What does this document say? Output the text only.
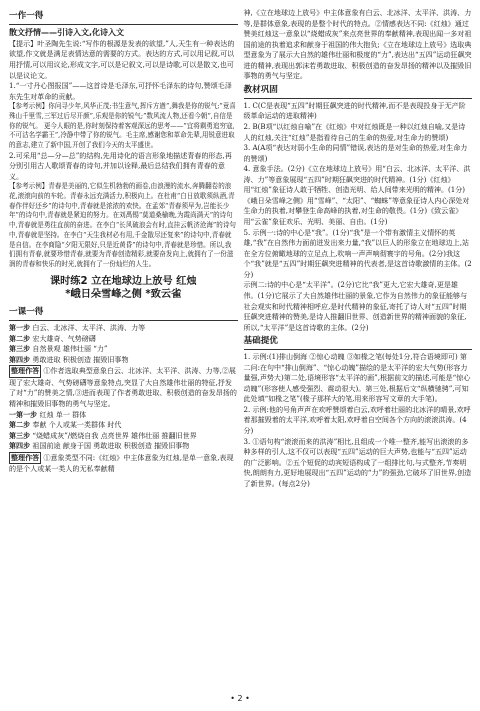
一作一得
散文抒情——引诗入文,化诗入文

【提示】叶圣陶先生说:“写作的根源是发表的欲望,”人,天生有一种表达的欲望,作文就是满足表情达意的需要的方式。表达的方式,可以用记叙,可以用抒情,可以用议论,形成文字,可以是记叙文,可以是诗歌,可以是散文,也可以是议论文。

1.“一寸丹心图报国”——这首诗是毛泽东,可抒怀毛泽东的诗句,赞颂毛泽东先生对革命的贡献。

【参考示例】你问寻少年,风华正茂;书生意气,挥斥方遒”,舞我是你的锐气;”竟喜殊山千里雪,三军过后尽开颜”,乐观是你的锐气;”数风流人物,还看今朝”,自信是你的锐气。 更今人眼的是,你时刻保持着客观深远的思考——”宜将剩勇追穷寇,不可沽名学霸王”,冷静中带了你的锐气。毛主席,感谢您和革命先辈,用锐意进取的意志,建立了新中国,开创了我们今天的太平盛世。

2.可采用“总—分—总”的结构,先用诗化的语言形象地描述青春的形态,再分别引用古人歌颂青春的诗句,并加以诠释,最后总结我们拥有青春的意义。

【参考示例】青春是美丽的,它似生机勃勃的画卷,由浪漫的流水,奔腾翻卷的浪花,滚滚向前的车轮。青春永远充满活力,积极向上。在杜甫“白日放歌须纵酒,青春作伴好还乡”的诗句中,青春就是浓浓的欢快。在孟郊“青春须早为,岂能长少年”的诗句中,青春就是紧迫的努力。在刘禹锡“莫道桑榆晚,为霞尚满天”的诗句中,青春就是勇往直前的奋进。在李白“长风破浪会有时,直挂云帆济沧海”的诗句中,青春就是坚持。在李白“天生我材必有用,千金散尽还复来”的诗句中,青春就是自信。在李商隐“夕阳无限好,只是近黄昏”的诗句中,青春就是珍惜。所以,我们拥有青春,就要珍惜青春,就要为青春创造精彩,就要奋发向上,就拥有了一份滋润的青春和快乐的时光,就拥有了一份灿烂的人生。

课时练2 立在地球边上放号 红烛
*峨日朵雪峰之侧 *致云雀
一课一得

第一步 白云、北冰洋、太平洋、洪涛、力等

第二步 宏大雄奇、气势磅礴

第三步 自然景观 雄伟壮丽 “力”

第四步 勇敢进取 积极创造 摧毁旧事物

整理作答 ①作者选取典型意象白云、北冰洋、太平洋、洪涛、力等,②展现了宏大雄奇、气势磅礴等意象特点,突显了大自然雄伟壮丽的特征,抒发了对“力”的赞美之情,③进而表现了作者勇敢进取、积极创造的奋发昂扬的精神和摧毁旧事物的勇气与坚定。

一第一步 红烛 单一 群体

第二步 奉献 个人或某一类群体 时代

第三步 “烧蜡成灰”/燃烧自我 点亮世界 雄伟壮丽 推翻旧世界

第四步 祖国前途 献身于国 勇敢进取 积极创造 摧毁旧事物

整理作答 ①意象类型不同:《红烛》中主体意象为红烛,是单一意象,表现的是个人或某一类人的无私奉献精

神,《立在地球边上放号》中主体意象有白云、北冰洋、太平洋、洪涛、力等,是群体意象,表现的是整个时代的特点。②情感表达不同:《红烛》通过赞美红烛这一意象以“烧蜡成灰”来点亮世界的奉献精神,表现出闻一多对祖国前途的执着追求和献身于祖国的伟大抱负;《立在地球边上放号》选取典型意象为了展示大自然的雄伟壮丽和极度的“力”,表达出“五四”运动狂飙突进的精神,表现出郭沫若勇敢进取、积极创造的奋发昂扬的精神以及摧毁旧事物的勇气与坚定。

教材巩固

1. C(C是表现“五四”时期狂飙突进的时代精神,而不是表现投身于无产阶级革命运动的进取精神)

2. B(B项“以红烛自喻”在《红烛》中对红烛既是一种以红烛自喻,又是诗人的红烛,关注“红烛”是指看待自己的生命的热爱,对生命力的赞颂)

3. A(A项“表达对弱小生命的同情”错误,表达的是对生命的热爱,对生命力的赞颂)

4. 意象手法。(2分)《立在地球边上放号》用“白云、北冰洋、太平洋、洪涛、力”等意象展现“五四”时期狂飙突进的时代精神。(1分)《红烛》用“红烛”象征诗人敢于牺牲、创造光明、给人间带来光明的精神。(1分)《峨日朵雪峰之侧》用“雪峰”、“太阳”、“蜘蛛”等意象征诗人内心深处对生命力的执着,对攀登生命高峰的执着,对生命的敬畏。(1分)《致云雀》用“云雀”象征欢乐、光明、美丽、自由。(1分)

5. 示例一:诗的中心是“我”。(1分)“我”是一个带有激情主义情怀的英雄,“我”在自然伟力面前迸发出来力量,“我”以巨人的形象立在地球边上,站在全方位俯瞰地球的立足点上,吹响一声声响彻寰宇的号角。(2分)我这个“我”就是“五四”时期狂飙突进精神的代表者,是这首诗歌激情的主体。(2分)

示例二:诗的中心是“太平洋”。(2分)它比“我”更大,它宏大雄奇,更是雄伟。(1分)它展示了大自然雄伟壮丽的景象,它作为自然伟力的象征能够与社会观实和时代精神相呼应,是时代精神的象征,寄托了诗人对“五四”时期狂飙突进精神的赞美,是诗人推翻旧世界、创造新世界的精神面貌的象征,所以,“太平洋”是这首诗歌的主体。(2分)

基础提优

1. 示例:(1)排山倒海 ②惊心动魄 ③如椽之笔(每处1分,符合语境即可) 第二问:在句中“排山倒海”、“惊心动魄”描绘的是太平洋的宏大气势(形容力量强,声势大)第二处,语境形容“太平洋的画”,根据前文的描述,可能是“惊心动魄”(形容使人感受强烈、震动很大)。第三处,根据后文“纵横驰骋”,可知此处填“如椽之笔”(椽子那样大的笔,用来形容写文章的大手笔)。

2. 示例:他的号角声声在欢呼赞颂着白云,欢呼着壮丽的北冰洋的晴景,欢呼着那摧毁着的太平洋,欢呼着太阳,欢呼着自空间各个方向的滚滚洪涛。(4分)

3. ①语句构“滚滚而来的洪涛”相比,且组成一个唯一整齐,能写出滚滚的多种多样的引人,这不仅可以表现“五四”运动的巨大声势,也能与“五四”运动的广泛影响。②五个短促的动宾短语构成了一组排比句,与式整齐,节奏明快,朗朗有力,更好地展现出“五四”运动的“力”的强劲,它破坏了旧世界,创造了新世界。(每点2分)

• 2 •
